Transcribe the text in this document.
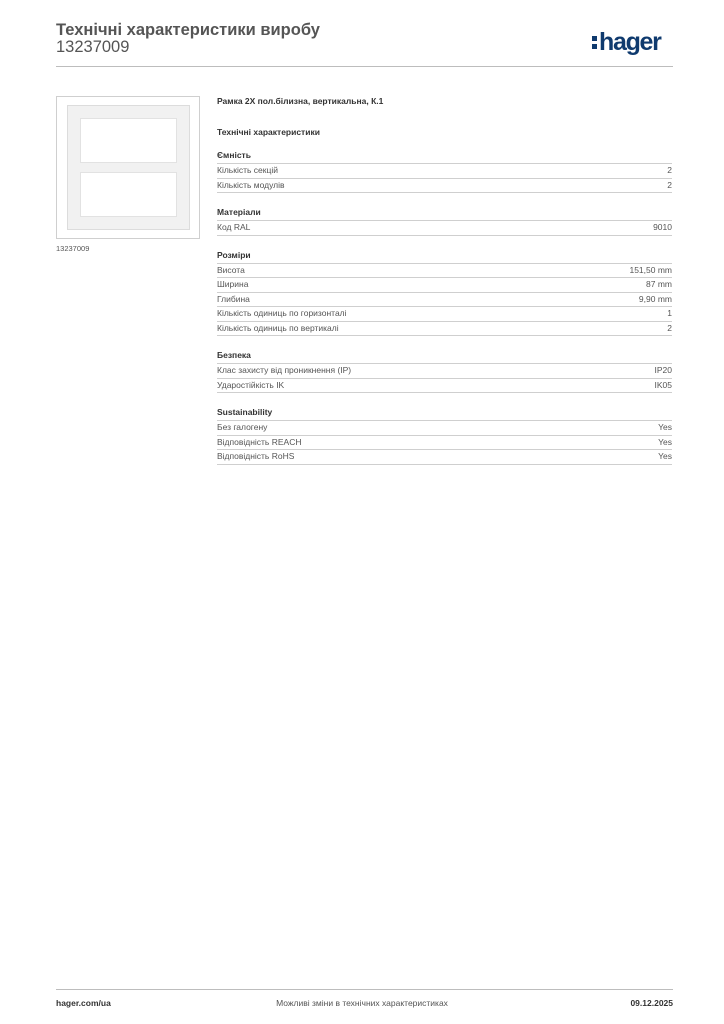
Технічні характеристики виробу
13237009	hager
13237009
Рамка 2Х пол.білизна, вертикальна, К.1
Технічні характеристики
Ємність
Кількість секцій	2
Кількість модулів	2
Матеріали
Код RAL	9010
Розміри
Висота	151,50 mm
Ширина	87 mm
Глибина	9,90 mm
Кількість одиниць по горизонталі	1
Кількість одиниць по вертикалі	2
Безпека
Клас захисту від проникнення (IP)	IP20
Ударостійкість IK	IK05
Sustainability
Без галогену	Yes
Відповідність REACH	Yes
Відповідність RoHS	Yes
hager.com/ua	Можливі зміни в технічних характеристиках	09.12.2025
